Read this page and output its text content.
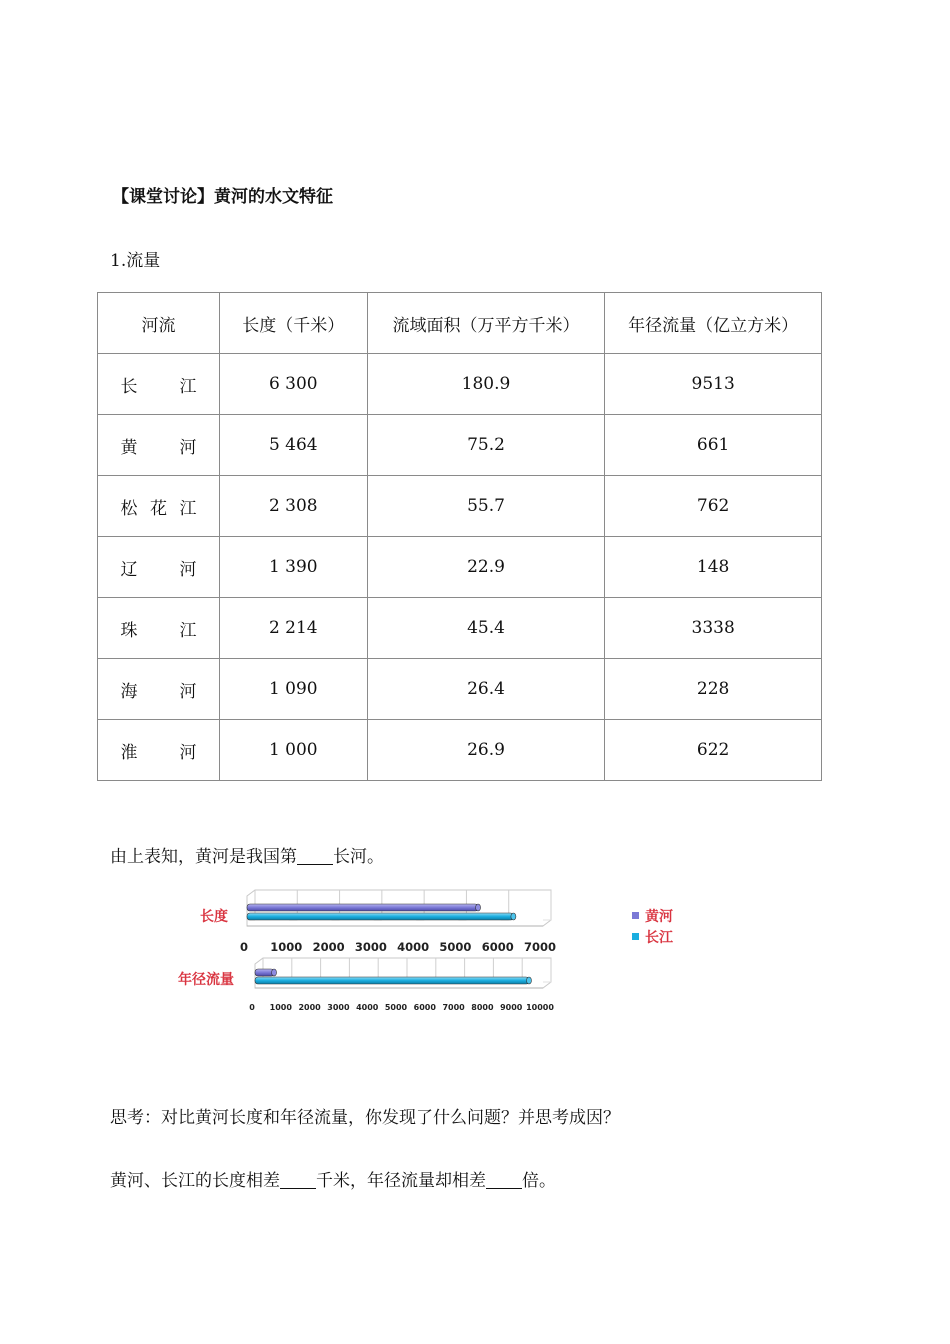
【课堂讨论】黄河的水文特征
1.流量
河流	长度（千米）	流域面积（万平方千米）	年径流量（亿立方米）
长江	6 300	180.9	9513
黄河	5 464	75.2	661
松花江	2 308	55.7	762
辽河	1 390	22.9	148
珠江	2 214	45.4	3338
海河	1 090	26.4	228
淮河	1 000	26.9	622
由上表知，黄河是我国第 长河。
0 1000 2000 3000 4000 5000 6000 7000
长度
0 1000 2000 3000 4000 5000 6000 7000 8000 9000 10000
年径流量
黄河
长江
思考：对比黄河长度和年径流量，你发现了什么问题？并思考成因？
黄河、长江的长度相差 千米，年径流量却相差 倍。
